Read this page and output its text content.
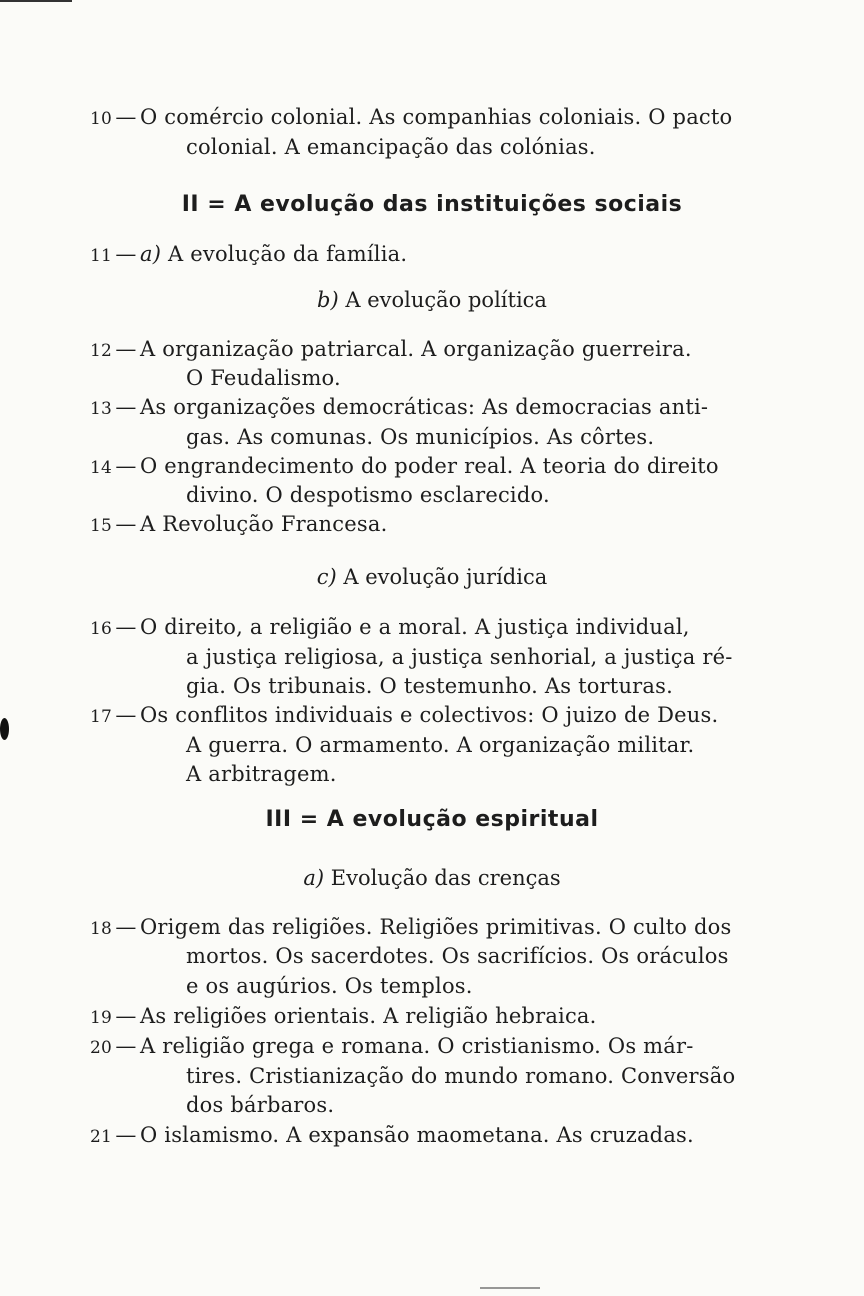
10 — O comércio colonial. As companhias coloniais. O pacto
colonial. A emancipação das colónias.
II = A evolução das instituições sociais
11 — a) A evolução da família.
b) A evolução política
12 — A organização patriarcal. A organização guerreira.
O Feudalismo.
13 — As organizações democráticas: As democracias anti-
gas. As comunas. Os municípios. As côrtes.
14 — O engrandecimento do poder real. A teoria do direito
divino. O despotismo esclarecido.
15 — A Revolução Francesa.
c) A evolução jurídica
16 — O direito, a religião e a moral. A justiça individual,
a justiça religiosa, a justiça senhorial, a justiça ré-
gia. Os tribunais. O testemunho. As torturas.
17 — Os conflitos individuais e colectivos: O juizo de Deus.
A guerra. O armamento. A organização militar.
A arbitragem.
III = A evolução espiritual
a) Evolução das crenças
18 — Origem das religiões. Religiões primitivas. O culto dos
mortos. Os sacerdotes. Os sacrifícios. Os oráculos
e os augúrios. Os templos.
19 — As religiões orientais. A religião hebraica.
20 — A religião grega e romana. O cristianismo. Os már-
tires. Cristianização do mundo romano. Conversão
dos bárbaros.
21 — O islamismo. A expansão maometana. As cruzadas.
